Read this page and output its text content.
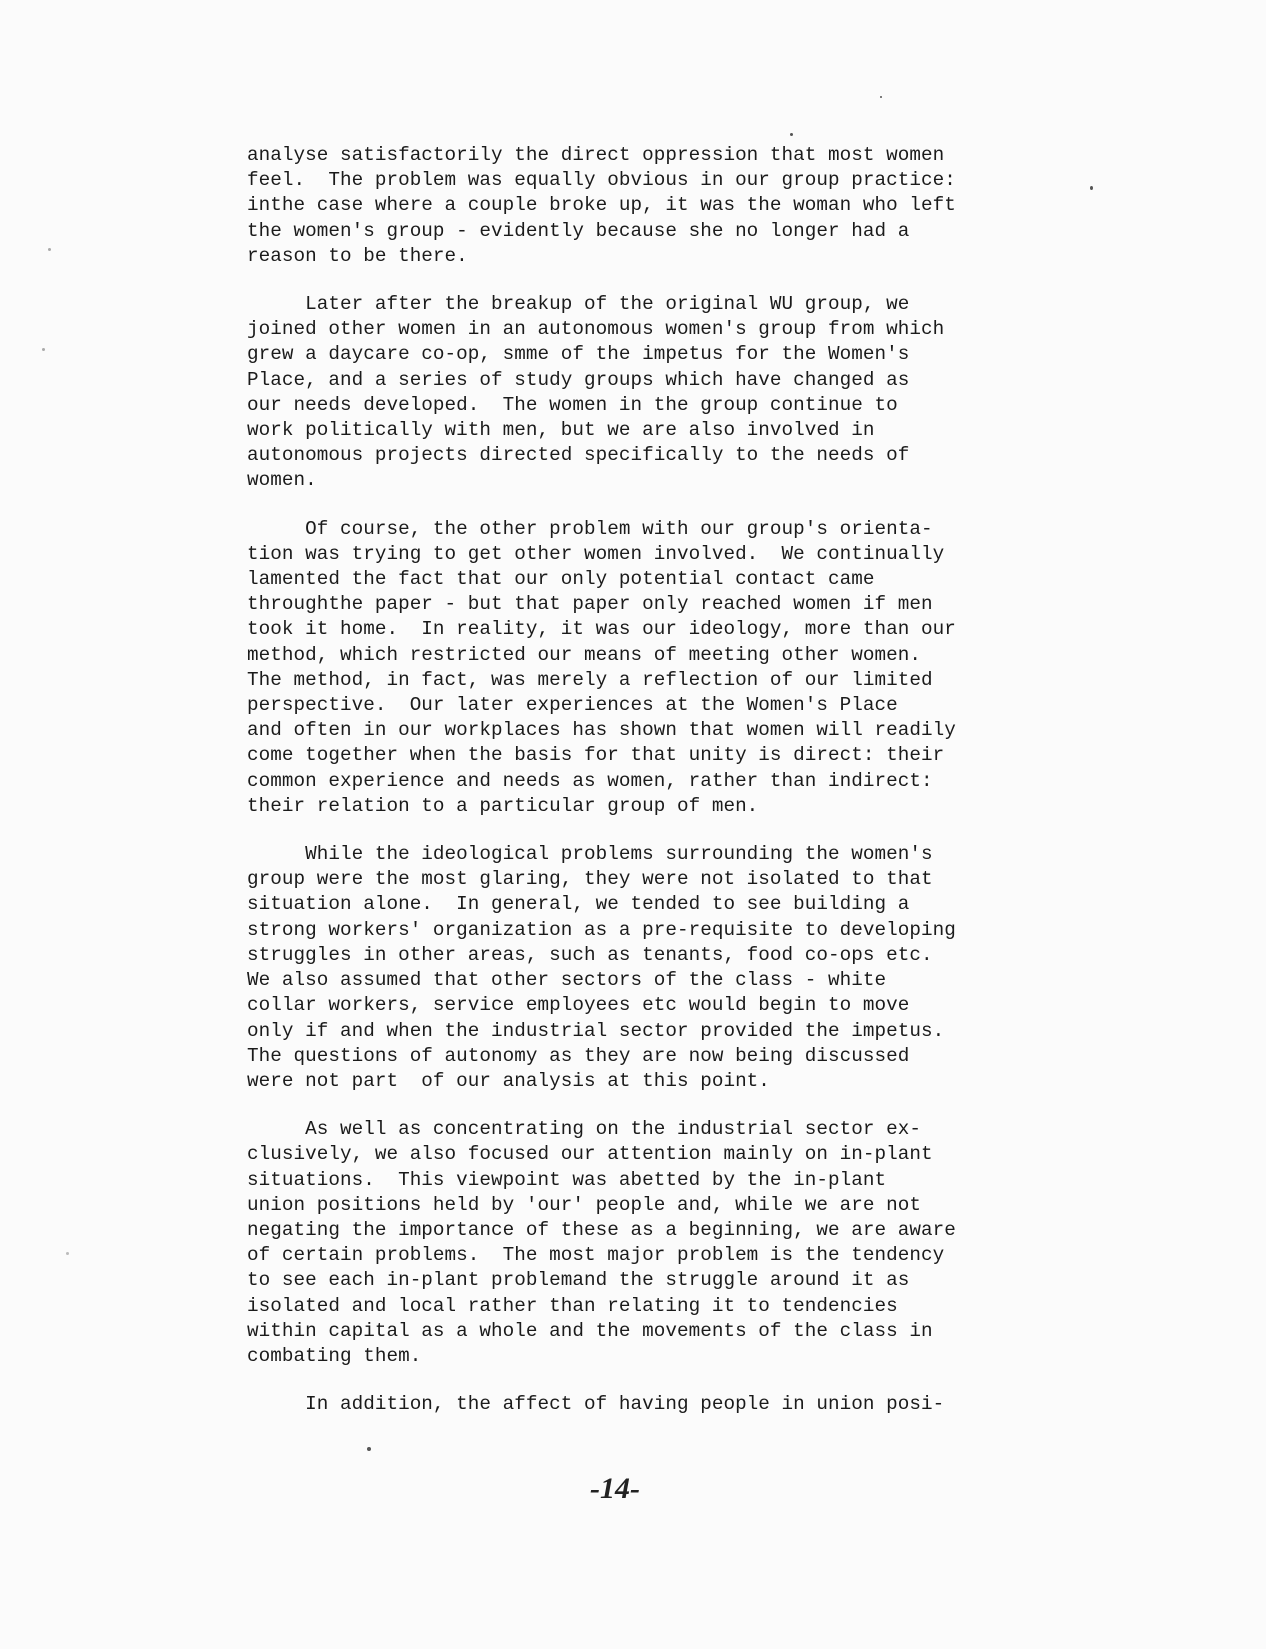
analyse satisfactorily the direct oppression that most women
feel.  The problem was equally obvious in our group practice:
inthe case where a couple broke up, it was the woman who left
the women's group - evidently because she no longer had a
reason to be there.

Later after the breakup of the original WU group, we
joined other women in an autonomous women's group from which
grew a daycare co-op, smme of the impetus for the Women's
Place, and a series of study groups which have changed as
our needs developed.  The women in the group continue to
work politically with men, but we are also involved in
autonomous projects directed specifically to the needs of
women.

Of course, the other problem with our group's orienta-
tion was trying to get other women involved.  We continually
lamented the fact that our only potential contact came
throughthe paper - but that paper only reached women if men
took it home.  In reality, it was our ideology, more than our
method, which restricted our means of meeting other women.
The method, in fact, was merely a reflection of our limited
perspective.  Our later experiences at the Women's Place
and often in our workplaces has shown that women will readily
come together when the basis for that unity is direct: their
common experience and needs as women, rather than indirect:
their relation to a particular group of men.

While the ideological problems surrounding the women's
group were the most glaring, they were not isolated to that
situation alone.  In general, we tended to see building a
strong workers' organization as a pre-requisite to developing
struggles in other areas, such as tenants, food co-ops etc.
We also assumed that other sectors of the class - white
collar workers, service employees etc would begin to move
only if and when the industrial sector provided the impetus.
The questions of autonomy as they are now being discussed
were not part  of our analysis at this point.

As well as concentrating on the industrial sector ex-
clusively, we also focused our attention mainly on in-plant
situations.  This viewpoint was abetted by the in-plant
union positions held by 'our' people and, while we are not
negating the importance of these as a beginning, we are aware
of certain problems.  The most major problem is the tendency
to see each in-plant problemand the struggle around it as
isolated and local rather than relating it to tendencies
within capital as a whole and the movements of the class in
combating them.

In addition, the affect of having people in union posi-

-14-
